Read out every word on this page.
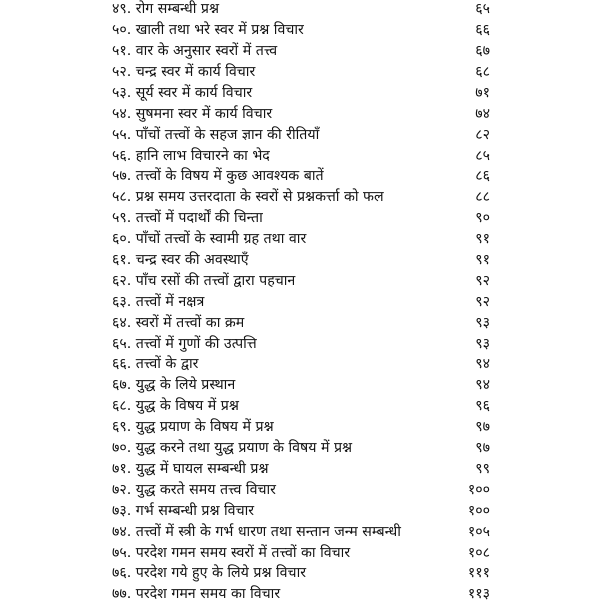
४९. रोग सम्बन्धी प्रश्न	६५
५०. खाली तथा भरे स्वर में प्रश्न विचार	६६
५१. वार के अनुसार स्वरों में तत्त्व	६७
५२. चन्द्र स्वर में कार्य विचार	६८
५३. सूर्य स्वर में कार्य विचार	७१
५४. सुषमना स्वर में कार्य विचार	७४
५५. पाँचों तत्त्वों के सहज ज्ञान की रीतियाँ	८२
५६. हानि लाभ विचारने का भेद	८५
५७. तत्त्वों के विषय में कुछ आवश्यक बातें	८६
५८. प्रश्न समय उत्तरदाता के स्वरों से प्रश्नकर्त्ता को फल	८८
५९. तत्त्वों में पदार्थों की चिन्ता	९०
६०. पाँचों तत्त्वों के स्वामी ग्रह तथा वार	९१
६१. चन्द्र स्वर की अवस्थाएँ	९१
६२. पाँच रसों की तत्त्वों द्वारा पहचान	९२
६३. तत्त्वों में नक्षत्र	९२
६४. स्वरों में तत्त्वों का क्रम	९३
६५. तत्त्वों में गुणों की उत्पत्ति	९३
६६. तत्त्वों के द्वार	९४
६७. युद्ध के लिये प्रस्थान	९४
६८. युद्ध के विषय में प्रश्न	९६
६९. युद्ध प्रयाण के विषय में प्रश्न	९७
७०. युद्ध करने तथा युद्ध प्रयाण के विषय में प्रश्न	९७
७१. युद्ध में घायल सम्बन्धी प्रश्न	९९
७२. युद्ध करते समय तत्त्व विचार	१००
७३. गर्भ सम्बन्धी प्रश्न विचार	१००
७४. तत्त्वों में स्त्री के गर्भ धारण तथा सन्तान जन्म सम्बन्धी	१०५
७५. परदेश गमन समय स्वरों में तत्त्वों का विचार	१०८
७६. परदेश गये हुए के लिये प्रश्न विचार	१११
७७. परदेश गमन समय का विचार	११३
